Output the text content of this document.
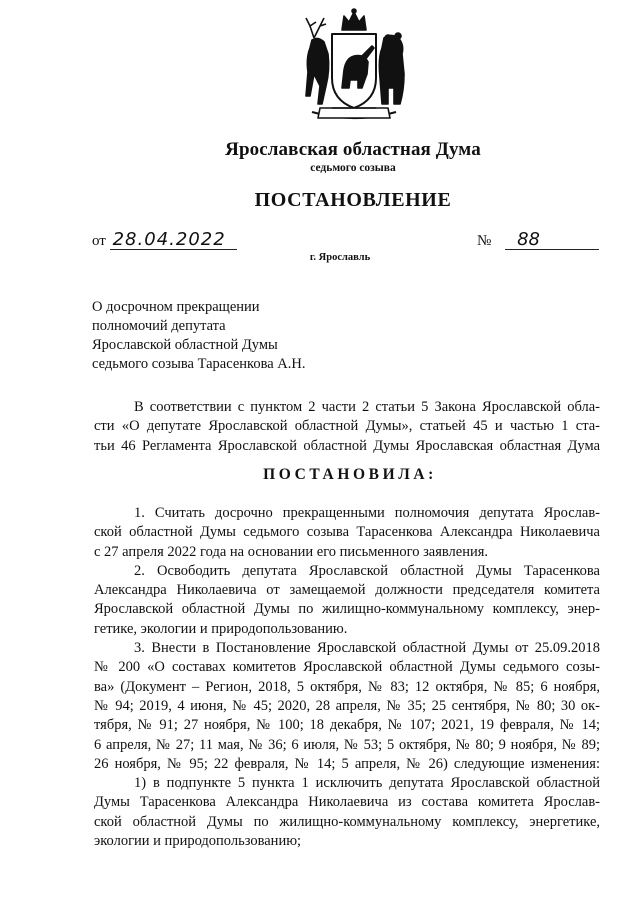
Ярославская областная Дума
седьмого созыва
ПОСТАНОВЛЕНИЕ
от 28.04.2022	№ 88
г. Ярославль
О досрочном прекращении
полномочий депутата
Ярославской областной Думы
седьмого созыва Тарасенкова А.Н.
В соответствии с пунктом 2 части 2 статьи 5 Закона Ярославской обла-
сти «О депутате Ярославской областной Думы», статьей 45 и частью 1 ста-
тьи 46 Регламента Ярославской областной Думы Ярославская областная Дума
ПОСТАНОВИЛА:
1. Считать досрочно прекращенными полномочия депутата Ярослав-
ской областной Думы седьмого созыва Тарасенкова Александра Николаевича
с 27 апреля 2022 года на основании его письменного заявления.
2. Освободить депутата Ярославской областной Думы Тарасенкова
Александра Николаевича от замещаемой должности председателя комитета
Ярославской областной Думы по жилищно-коммунальному комплексу, энер-
гетике, экологии и природопользованию.
3. Внести в Постановление Ярославской областной Думы от 25.09.2018
№ 200 «О составах комитетов Ярославской областной Думы седьмого созы-
ва» (Документ – Регион, 2018, 5 октября, № 83; 12 октября, № 85; 6 ноября,
№ 94; 2019, 4 июня, № 45; 2020, 28 апреля, № 35; 25 сентября, № 80; 30 ок-
тября, № 91; 27 ноября, № 100; 18 декабря, № 107; 2021, 19 февраля, № 14;
6 апреля, № 27; 11 мая, № 36; 6 июля, № 53; 5 октября, № 80; 9 ноября, № 89;
26 ноября, № 95; 22 февраля, № 14; 5 апреля, № 26) следующие изменения:
1) в подпункте 5 пункта 1 исключить депутата Ярославской областной
Думы Тарасенкова Александра Николаевича из состава комитета Ярослав-
ской областной Думы по жилищно-коммунальному комплексу, энергетике,
экологии и природопользованию;
